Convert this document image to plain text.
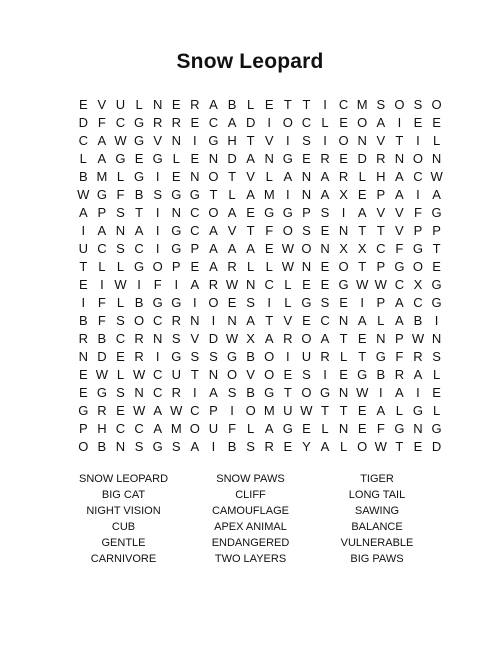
Snow Leopard
E V U L N E R A B L E T T I C M S O S O
D F C G R R E C A D I O C L E O A I E E
C A W G V N I G H T V I S I O N V T I	L
L A G E G L E N D A N G E R E D R N O N
B M L G I E N O T V L A N A R L H A C W
W G F B S G G T L A M I N A X E P A I A
A P S T I N C O A E G G P S I A V V F G
I A N A I G C A V T F O S E N T T V P P
U C S C I G P A A A E W O N X X C F G T
T L L G O P E A R L L W N E O T P G O E
E I W I F I A R W N C L E E G W W C X G
I F L B G G I O E S I	L G S E I P A C G
B F S O C R N I N A T V E C N A L A B I
R B C R N S V D W X A R O A T E N P W N
N D E R I G S S G B O I U R L T G F R S
E W L W C U T N O V O E S I E G B R A L
E G S N C R I A S B G T O G N W I A I E
G R E W A W C P I O M U W T T E A L G L
P H C C A M O U F L A G E L N E F G N G
O B N S G S A I B S R E Y A L O W T E D
SNOW LEOPARD	SNOW PAWS	TIGER
BIG CAT	CLIFF	LONG TAIL
NIGHT VISION	CAMOUFLAGE	SAWING
CUB	APEX ANIMAL	BALANCE
GENTLE	ENDANGERED	VULNERABLE
CARNIVORE	TWO LAYERS	BIG PAWS
